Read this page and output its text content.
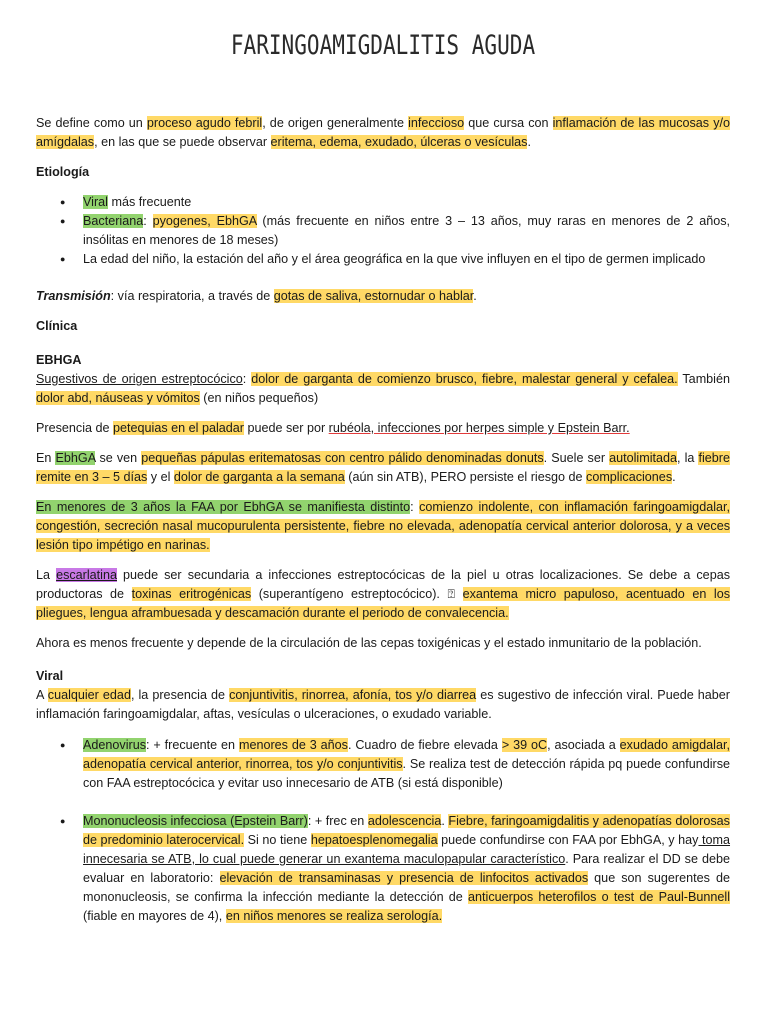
FARINGOAMIGDALITIS AGUDA

Se define como un proceso agudo febril, de origen generalmente infeccioso que cursa con inflamación de las mucosas y/o amígdalas, en las que se puede observar eritema, edema, exudado, úlceras o vesículas.

Etiología

● Viral más frecuente
● Bacteriana: pyogenes, EbhGA (más frecuente en niños entre 3 – 13 años, muy raras en menores de 2 años, insólitas en menores de 18 meses)
● La edad del niño, la estación del año y el área geográfica en la que vive influyen en el tipo de germen implicado

Transmisión: vía respiratoria, a través de gotas de saliva, estornudar o hablar.

Clínica

EBHGA

Sugestivos de origen estreptocócico: dolor de garganta de comienzo brusco, fiebre, malestar general y cefalea. También dolor abd, náuseas y vómitos (en niños pequeños)

Presencia de petequias en el paladar puede ser por rubéola, infecciones por herpes simple y Epstein Barr.

En EbhGA se ven pequeñas pápulas eritematosas con centro pálido denominadas donuts. Suele ser autolimitada, la fiebre remite en 3 – 5 días y el dolor de garganta a la semana (aún sin ATB), PERO persiste el riesgo de complicaciones.

En menores de 3 años la FAA por EbhGA se manifiesta distinto: comienzo indolente, con inflamación faringoamigdalar, congestión, secreción nasal mucopurulenta persistente, fiebre no elevada, adenopatía cervical anterior dolorosa, y a veces lesión tipo impétigo en narinas.

La escarlatina puede ser secundaria a infecciones estreptocócicas de la piel u otras localizaciones. Se debe a cepas productoras de toxinas eritrogénicas (superantígeno estreptocócico). ⍰ exantema micro papuloso, acentuado en los pliegues, lengua aframbuesada y descamación durante el periodo de convalecencia.

Ahora es menos frecuente y depende de la circulación de las cepas toxigénicas y el estado inmunitario de la población.

Viral

A cualquier edad, la presencia de conjuntivitis, rinorrea, afonía, tos y/o diarrea es sugestivo de infección viral. Puede haber inflamación faringoamigdalar, aftas, vesículas o ulceraciones, o exudado variable.

● Adenovirus: + frecuente en menores de 3 años. Cuadro de fiebre elevada > 39 oC, asociada a exudado amigdalar, adenopatía cervical anterior, rinorrea, tos y/o conjuntivitis. Se realiza test de detección rápida pq puede confundirse con FAA estreptocócica y evitar uso innecesario de ATB (si está disponible)
● Mononucleosis infecciosa (Epstein Barr): + frec en adolescencia. Fiebre, faringoamigdalitis y adenopatías dolorosas de predominio laterocervical. Si no tiene hepatoesplenomegalia puede confundirse con FAA por EbhGA, y hay toma innecesaria se ATB, lo cual puede generar un exantema maculopapular característico. Para realizar el DD se debe evaluar en laboratorio: elevación de transaminasas y presencia de linfocitos activados que son sugerentes de mononucleosis, se confirma la infección mediante la detección de anticuerpos heterofilos o test de Paul-Bunnell (fiable en mayores de 4), en niños menores se realiza serología.
